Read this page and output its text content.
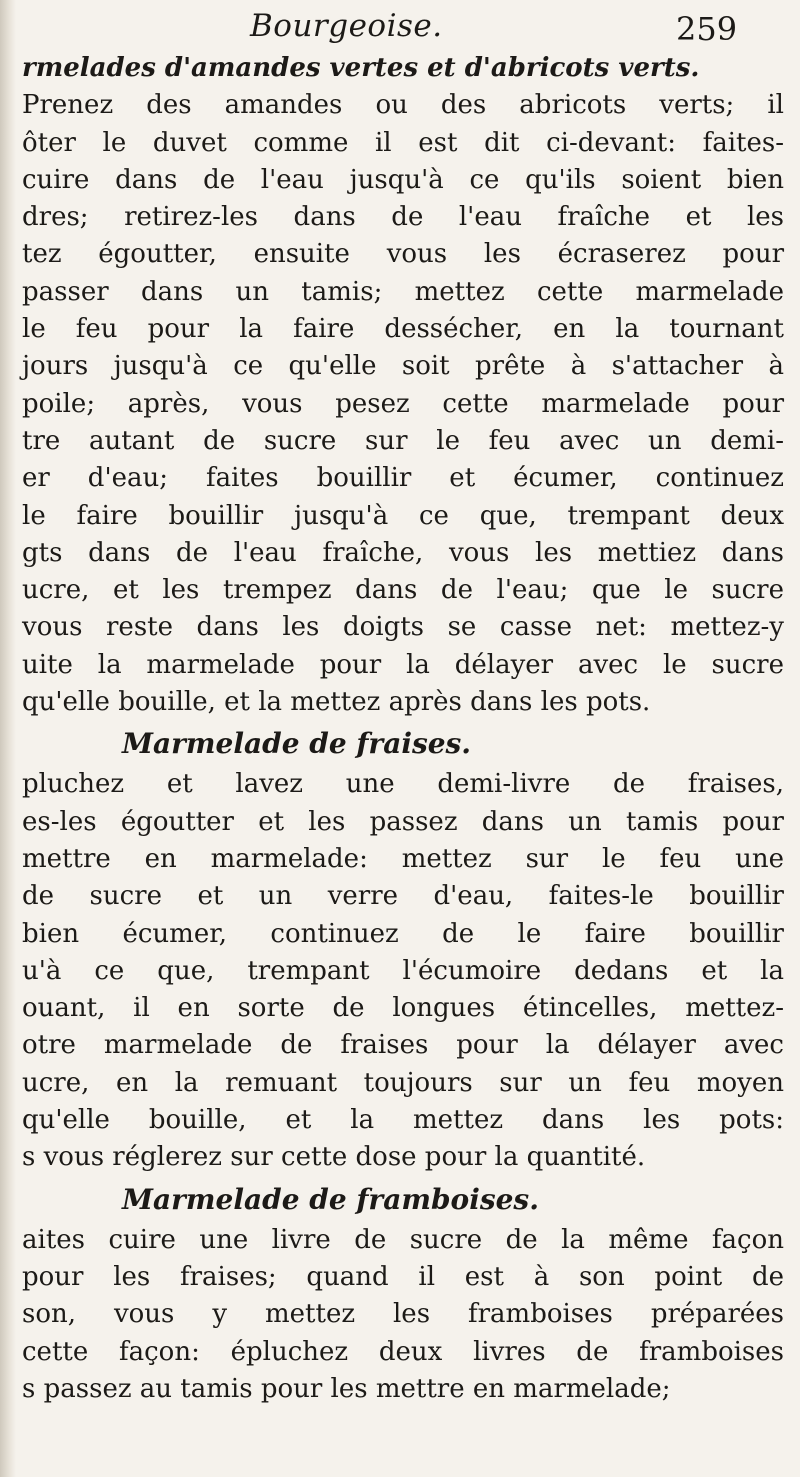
Bourgeoise.	259
rmelades d'amandes vertes et d'abricots verts.
Prenez des amandes ou des abricots verts; il
ôter le duvet comme il est dit ci-devant: faites-
cuire dans de l'eau jusqu'à ce qu'ils soient bien
dres; retirez-les dans de l'eau fraîche et les
tez égoutter, ensuite vous les écraserez pour
passer dans un tamis; mettez cette marmelade
le feu pour la faire dessécher, en la tournant
jours jusqu'à ce qu'elle soit prête à s'attacher à
poile; après, vous pesez cette marmelade pour
tre autant de sucre sur le feu avec un demi-
er d'eau; faites bouillir et écumer, continuez
le faire bouillir jusqu'à ce que, trempant deux
gts dans de l'eau fraîche, vous les mettiez dans
ucre, et les trempez dans de l'eau; que le sucre
vous reste dans les doigts se casse net: mettez-y
uite la marmelade pour la délayer avec le sucre
qu'elle bouille, et la mettez après dans les pots.
Marmelade de fraises.
pluchez et lavez une demi-livre de fraises,
es-les égoutter et les passez dans un tamis pour
mettre en marmelade: mettez sur le feu une
de sucre et un verre d'eau, faites-le bouillir
bien écumer, continuez de le faire bouillir
u'à ce que, trempant l'écumoire dedans et la
ouant, il en sorte de longues étincelles, mettez-
otre marmelade de fraises pour la délayer avec
ucre, en la remuant toujours sur un feu moyen
qu'elle bouille, et la mettez dans les pots:
s vous réglerez sur cette dose pour la quantité.
Marmelade de framboises.
aites cuire une livre de sucre de la même façon
pour les fraises; quand il est à son point de
son, vous y mettez les framboises préparées
cette façon: épluchez deux livres de framboises
s passez au tamis pour les mettre en marmelade;
